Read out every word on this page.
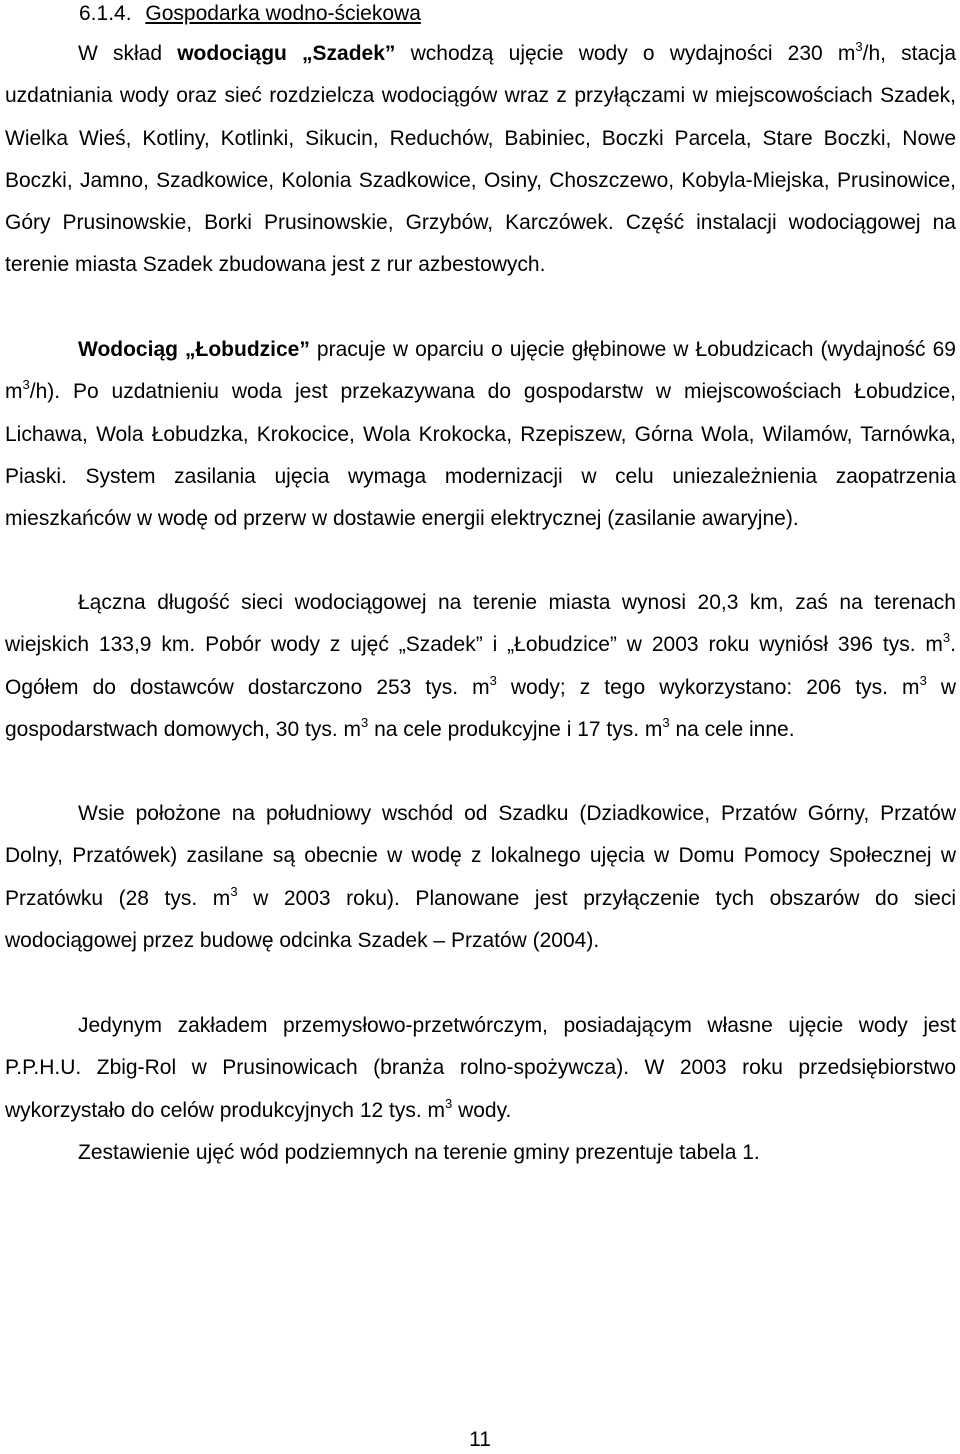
6.1.4. Gospodarka wodno-ściekowa

W skład wodociągu „Szadek” wchodzą ujęcie wody o wydajności 230 $m^3/h$, stacja uzdatniania wody oraz sieć rozdzielcza wodociągów wraz z przyłączami w miejscowościach Szadek, Wielka Wieś, Kotliny, Kotlinki, Sikucin, Reduchów, Babiniec, Boczki Parcela, Stare Boczki, Nowe Boczki, Jamno, Szadkowice, Kolonia Szadkowice, Osiny, Choszczewo, Kobyla-Miejska, Prusinowice, Góry Prusinowskie, Borki Prusinowskie, Grzybów, Karczówek. Część instalacji wodociągowej na terenie miasta Szadek zbudowana jest z rur azbestowych.

Wodociąg „Łobudzice” pracuje w oparciu o ujęcie głębinowe w Łobudzicach (wydajność 69 $m^3/h$). Po uzdatnieniu woda jest przekazywana do gospodarstw w miejscowościach Łobudzice, Lichawa, Wola Łobudzka, Krokocice, Wola Krokocka, Rzepiszew, Górna Wola, Wilamów, Tarnówka, Piaski. System zasilania ujęcia wymaga modernizacji w celu uniezależnienia zaopatrzenia mieszkańców w wodę od przerw w dostawie energii elektrycznej (zasilanie awaryjne).

Łączna długość sieci wodociągowej na terenie miasta wynosi 20,3 km, zaś na terenach wiejskich 133,9 km. Pobór wody z ujęć „Szadek” i „Łobudzice” w 2003 roku wyniósł 396 tys. $m^3$. Ogółem do dostawców dostarczono 253 tys. $m^3$ wody; z tego wykorzystano: 206 tys. $m^3$ w gospodarstwach domowych, 30 tys. $m^3$ na cele produkcyjne i 17 tys. $m^3$ na cele inne.

Wsie położone na południowy wschód od Szadku (Dziadkowice, Przatów Górny, Przatów Dolny, Przatówek) zasilane są obecnie w wodę z lokalnego ujęcia w Domu Pomocy Społecznej w Przatówku (28 tys. $m^3$ w 2003 roku). Planowane jest przyłączenie tych obszarów do sieci wodociągowej przez budowę odcinka Szadek – Przatów (2004).

Jedynym zakładem przemysłowo-przetwórczym, posiadającym własne ujęcie wody jest P.P.H.U. Zbig-Rol w Prusinowicach (branża rolno-spożywcza). W 2003 roku przedsiębiorstwo wykorzystało do celów produkcyjnych 12 tys. $m^3$ wody.

Zestawienie ujęć wód podziemnych na terenie gminy prezentuje tabela 1.

11
